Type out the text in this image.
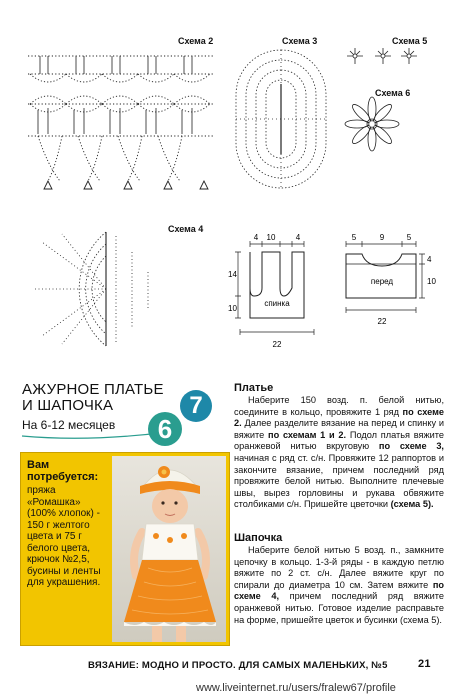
Схема 2	Схема 3	Схема 5
Схема 6
Схема 4
4 10	4
14
10
спинка
22
5	9	5
4
10
перед
22
АЖУРНОЕ ПЛАТЬЕ
И ШАПОЧКА
На 6-12 месяцев 6
7
Вам потребуется:
пряжа «Ромашка» (100% хлопок) - 150 г желтого цвета и 75 г белого цвета, крючок №2,5, бусины и ленты для украшения.
Платье

Наберите 150 возд. п. белой нитью, соедините в кольцо, провяжите 1 ряд по схеме 2. Далее разделите вязание на перед и спинку и вяжите по схемам 1 и 2. Подол платья вяжите оранжевой нитью вкруговую по схеме 3, начиная с ряд ст. с/н. Провяжите 12 раппортов и закончите вязание, причем последний ряд провяжите белой нитью. Выполните плечевые швы, вырез горловины и рукава обвяжите столбиками с/н. Пришейте цветочки (схема 5).

Шапочка

Наберите белой нитью 5 возд. п., замкните цепочку в кольцо. 1-3-й ряды - в каждую петлю вяжите по 2 ст. с/н. Далее вяжите круг по спирали до диаметра 10 см. Затем вяжите по схеме 4, причем последний ряд вяжите оранжевой нитью. Готовое изделие расправьте на форме, пришейте цветок и бусинки (схема 5).

ВЯЗАНИЕ: МОДНО И ПРОСТО. ДЛЯ САМЫХ МАЛЕНЬКИХ, №5	21
www.liveinternet.ru/users/fralew67/profile
